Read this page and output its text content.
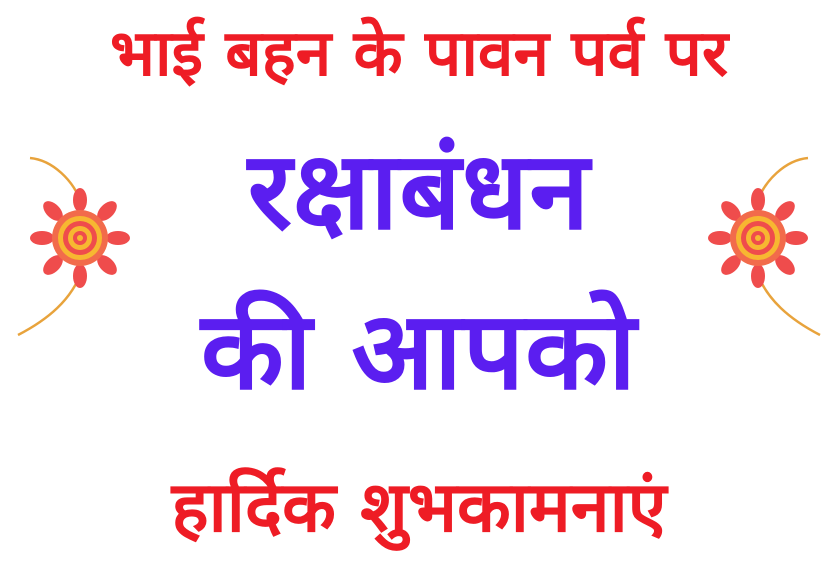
भाई बहन के पावन पर्व पर
रक्षाबंधन
की आपको
हार्दिक शुभकामनाएं
